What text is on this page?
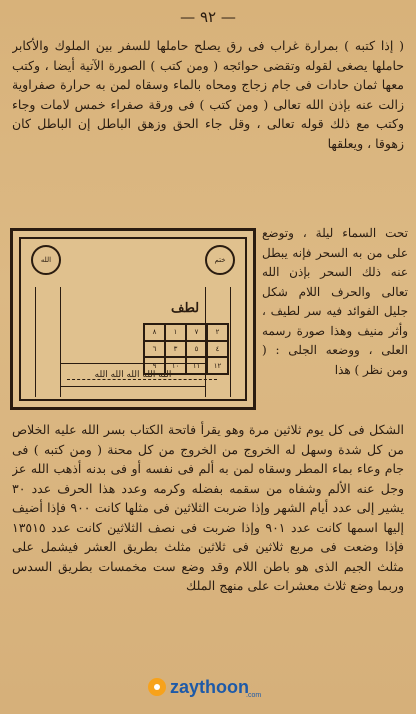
— ٩٢ —

( إذا كتبه ) بمرارة غراب فى رق يصلح حاملها للسفر بين الملوك والأكابر حاملها يصغى لقوله وتقضى حوائجه ( ومن كتب ) الصورة الآتية أيضا ، وكتب معها ثمان حادات فى جام زجاج ومحاه بالماء وسقاه لمن به حرارة صفراوية زالت عنه بإذن الله تعالى ( ومن كتب ) فى ورقة صفراء خمس لامات وجاء وكتب مع ذلك قوله تعالى ، وقل جاء الحق وزهق الباطل إن الباطل كان زهوقا ، ويعلقها

الله	ختم
لطف
٨	١	٧	٢
٦	٣	٥	٤
٩	١٠	١١	١٢
الله الله الله الله الله
تحت السماء ليلة ، وتوضع على من به السحر فإنه يبطل عنه ذلك السحر بإذن الله تعالى والحرف اللام شكل جليل الفوائد فيه سر لطيف ، وأثر منيف وهذا صورة رسمه العلى ، ووضعه الجلى : ( ومن نظر ) هذا

الشكل فى كل يوم ثلاثين مرة وهو يقرأ فاتحة الكتاب بسر الله عليه الخلاص من كل شدة وسهل له الخروج من الخروج من كل محنة ( ومن كتبه ) فى جام وعاء بماء المطر وسقاه لمن به ألم فى نفسه أو فى بدنه أذهب الله عز وجل عنه الألم وشفاه من سقمه بفضله وكرمه وعدد هذا الحرف عدد ٣٠ يشير إلى عدد أيام الشهر وإذا ضربت الثلاثين فى مثلها كانت ٩٠٠ فإذا أضيف إليها اسمها كانت عدد ٩٠١ وإذا ضربت فى نصف الثلاثين كانت عدد ١٣٥١٥ فإذا وضعت فى مربع ثلاثين فى ثلاثين مثلث بطريق العشر فيشمل على مثلث الجيم الذى هو باطن اللام وقد وضع ست مخمسات بطريق السدس وربما وضع ثلاث معشرات على منهج الملك

zaythoon
.com
